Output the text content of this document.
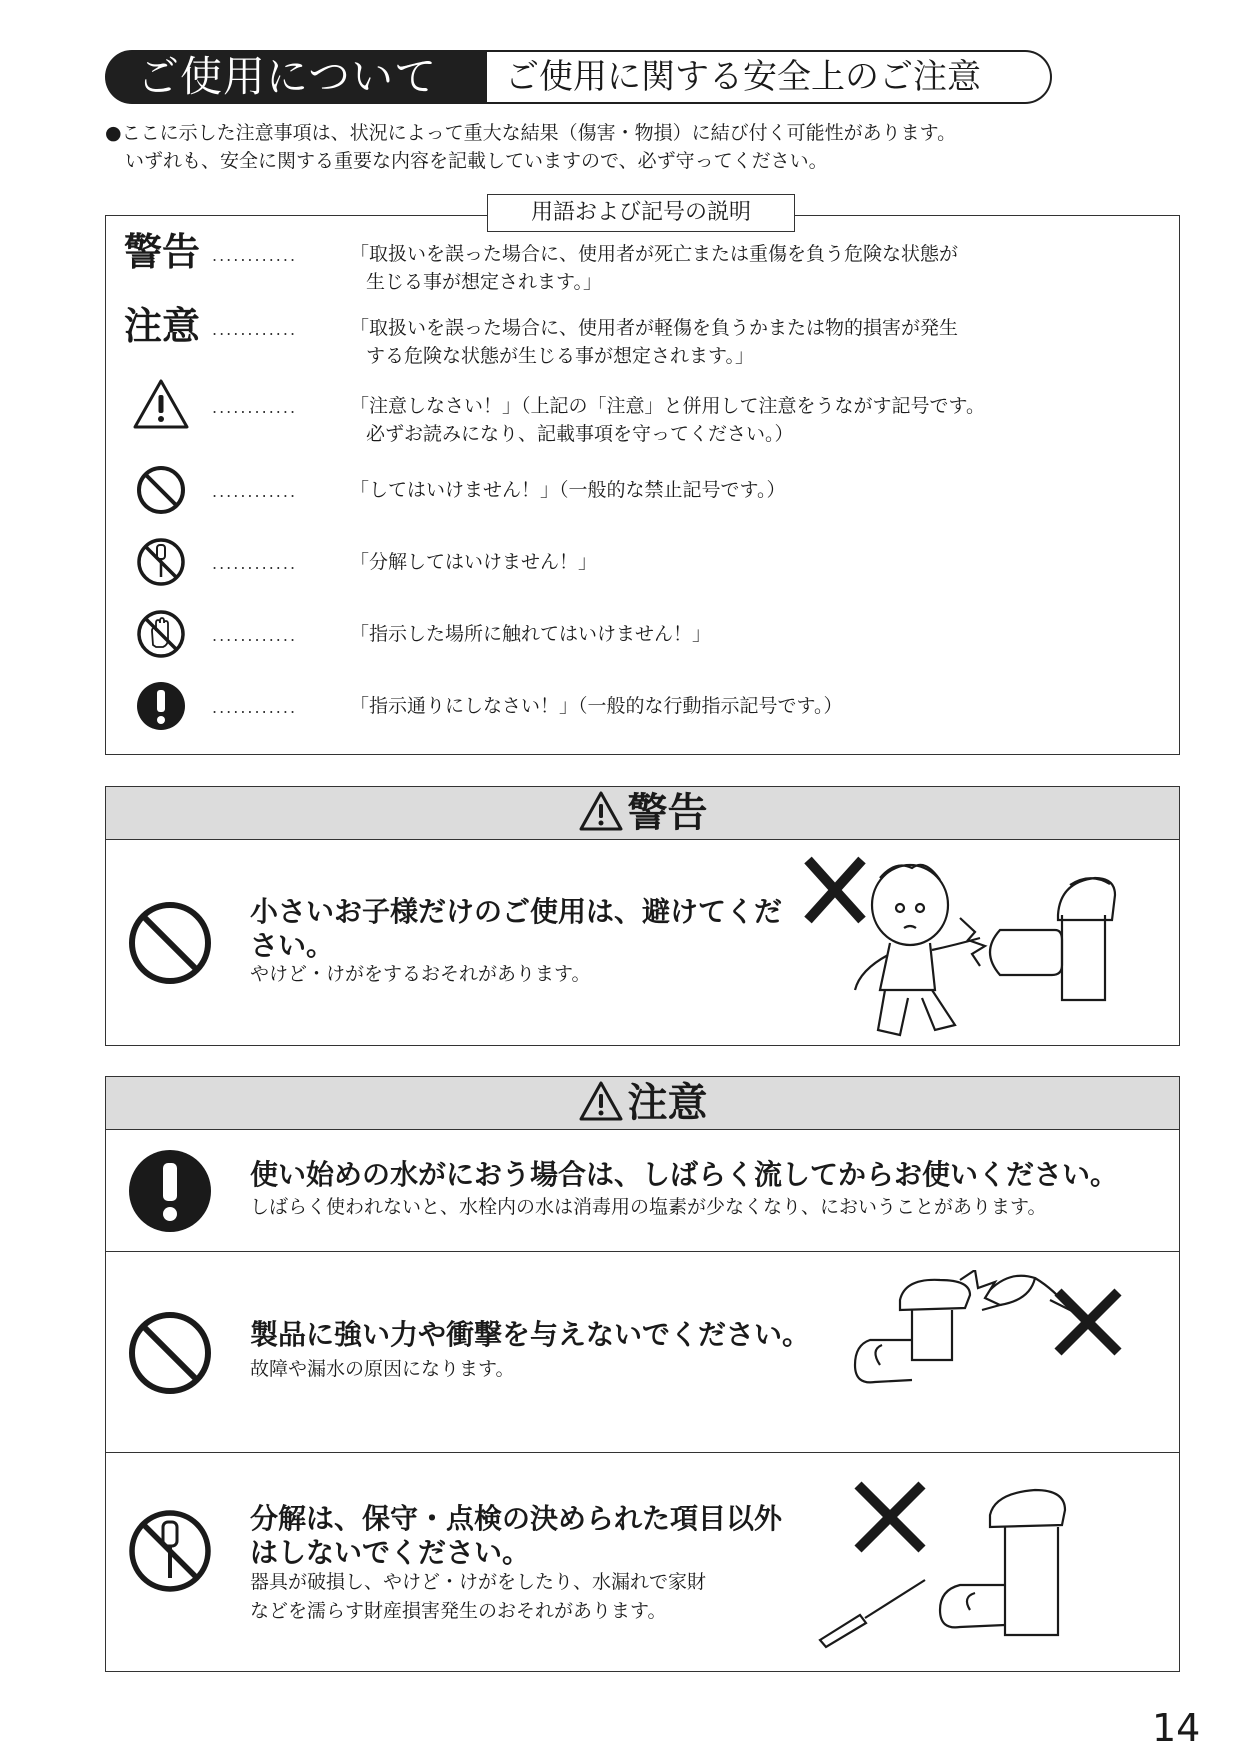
ご使用について	ご使用に関する安全上のご注意
●ここに示した注意事項は、状況によって重大な結果（傷害・物損）に結び付く可能性があります。
いずれも、安全に関する重要な内容を記載していますので、必ず守ってください。
用語および記号の説明
警告 ............	「取扱いを誤った場合に、使用者が死亡または重傷を負う危険な状態が
生じる事が想定されます。」
注意 ............	「取扱いを誤った場合に、使用者が軽傷を負うかまたは物的損害が発生
する危険な状態が生じる事が想定されます。」
............	「注意しなさい！」（上記の「注意」と併用して注意をうながす記号です。
必ずお読みになり、記載事項を守ってください。）
............	「してはいけません！」（一般的な禁止記号です。）
............	「分解してはいけません！」
............	「指示した場所に触れてはいけません！」
............	「指示通りにしなさい！」（一般的な行動指示記号です。）
警告
小さいお子様だけのご使用は、避けてくだ
さい。
やけど・けがをするおそれがあります。
注意
使い始めの水がにおう場合は、しばらく流してからお使いください。
しばらく使われないと、水栓内の水は消毒用の塩素が少なくなり、においうことがあります。
製品に強い力や衝撃を与えないでください。
故障や漏水の原因になります。
分解は、保守・点検の決められた項目以外
はしないでください。
器具が破損し、やけど・けがをしたり、水漏れで家財
などを濡らす財産損害発生のおそれがあります。
14
